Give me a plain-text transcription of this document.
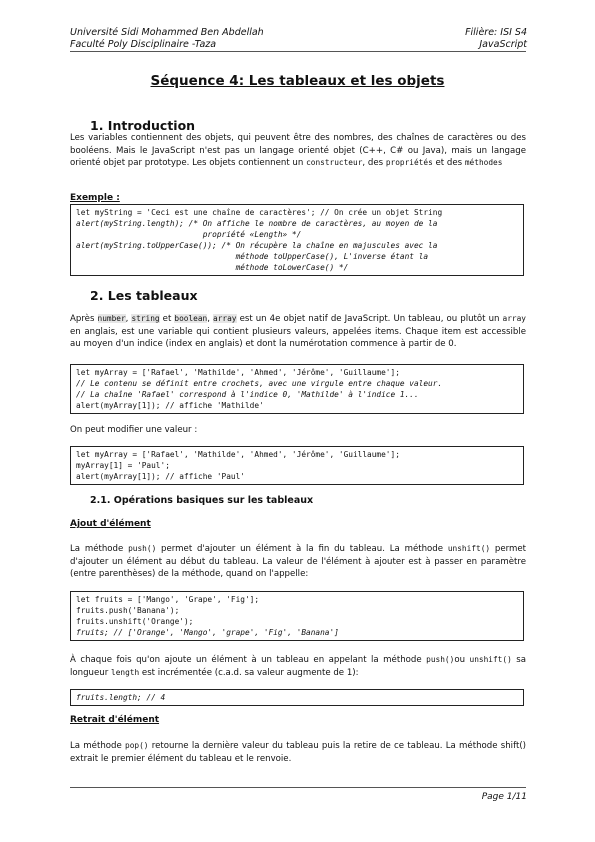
Université Sidi Mohammed Ben Abdellah
Faculté Poly Disciplinaire -Taza
Filière: ISI S4
JavaScript
Séquence 4: Les tableaux et les objets
1. Introduction

Les variables contiennent des objets, qui peuvent être des nombres, des chaînes de caractères ou des booléens. Mais le JavaScript n'est pas un langage orienté objet (C++, C# ou Java), mais un langage orienté objet par prototype. Les objets contiennent un constructeur, des propriétés et des méthodes

Exemple :
let myString = 'Ceci est une chaîne de caractères'; // On crée un objet String
alert(myString.length); /* On affiche le nombre de caractères, au moyen de la
propriété «Length» */
alert(myString.toUpperCase()); /* On récupère la chaîne en majuscules avec la
méthode toUpperCase(), L'inverse étant la
méthode toLowerCase() */
2. Les tableaux

Après number, string et boolean, array est un 4e objet natif de JavaScript. Un tableau, ou plutôt un array en anglais, est une variable qui contient plusieurs valeurs, appelées items. Chaque item est accessible au moyen d'un indice (index en anglais) et dont la numérotation commence à partir de 0.

let myArray = ['Rafael', 'Mathilde', 'Ahmed', 'Jérôme', 'Guillaume'];
// Le contenu se définit entre crochets, avec une virgule entre chaque valeur.
// La chaîne 'Rafael' correspond à l'indice 0, 'Mathilde' à l'indice 1...
alert(myArray[1]); // affiche 'Mathilde'

On peut modifier une valeur :

let myArray = ['Rafael', 'Mathilde', 'Ahmed', 'Jérôme', 'Guillaume'];
myArray[1] = 'Paul';
alert(myArray[1]); // affiche 'Paul'
2.1. Opérations basiques sur les tableaux
Ajout d'élément

La méthode push() permet d'ajouter un élément à la fin du tableau. La méthode unshift() permet d'ajouter un élément au début du tableau. La valeur de l'élément à ajouter est à passer en paramètre (entre parenthèses) de la méthode, quand on l'appelle:

let fruits = ['Mango', 'Grape', 'Fig'];
fruits.push('Banana');
fruits.unshift('Orange');
fruits; // ['Orange', 'Mango', 'grape', 'Fig', 'Banana']

À chaque fois qu'on ajoute un élément à un tableau en appelant la méthode push()ou unshift() sa longueur length est incrémentée (c.a.d. sa valeur augmente de 1):

fruits.length; // 4
Retrait d'élément

La méthode pop() retourne la dernière valeur du tableau puis la retire de ce tableau. La méthode shift() extrait le premier élément du tableau et le renvoie.

Page 1/11
